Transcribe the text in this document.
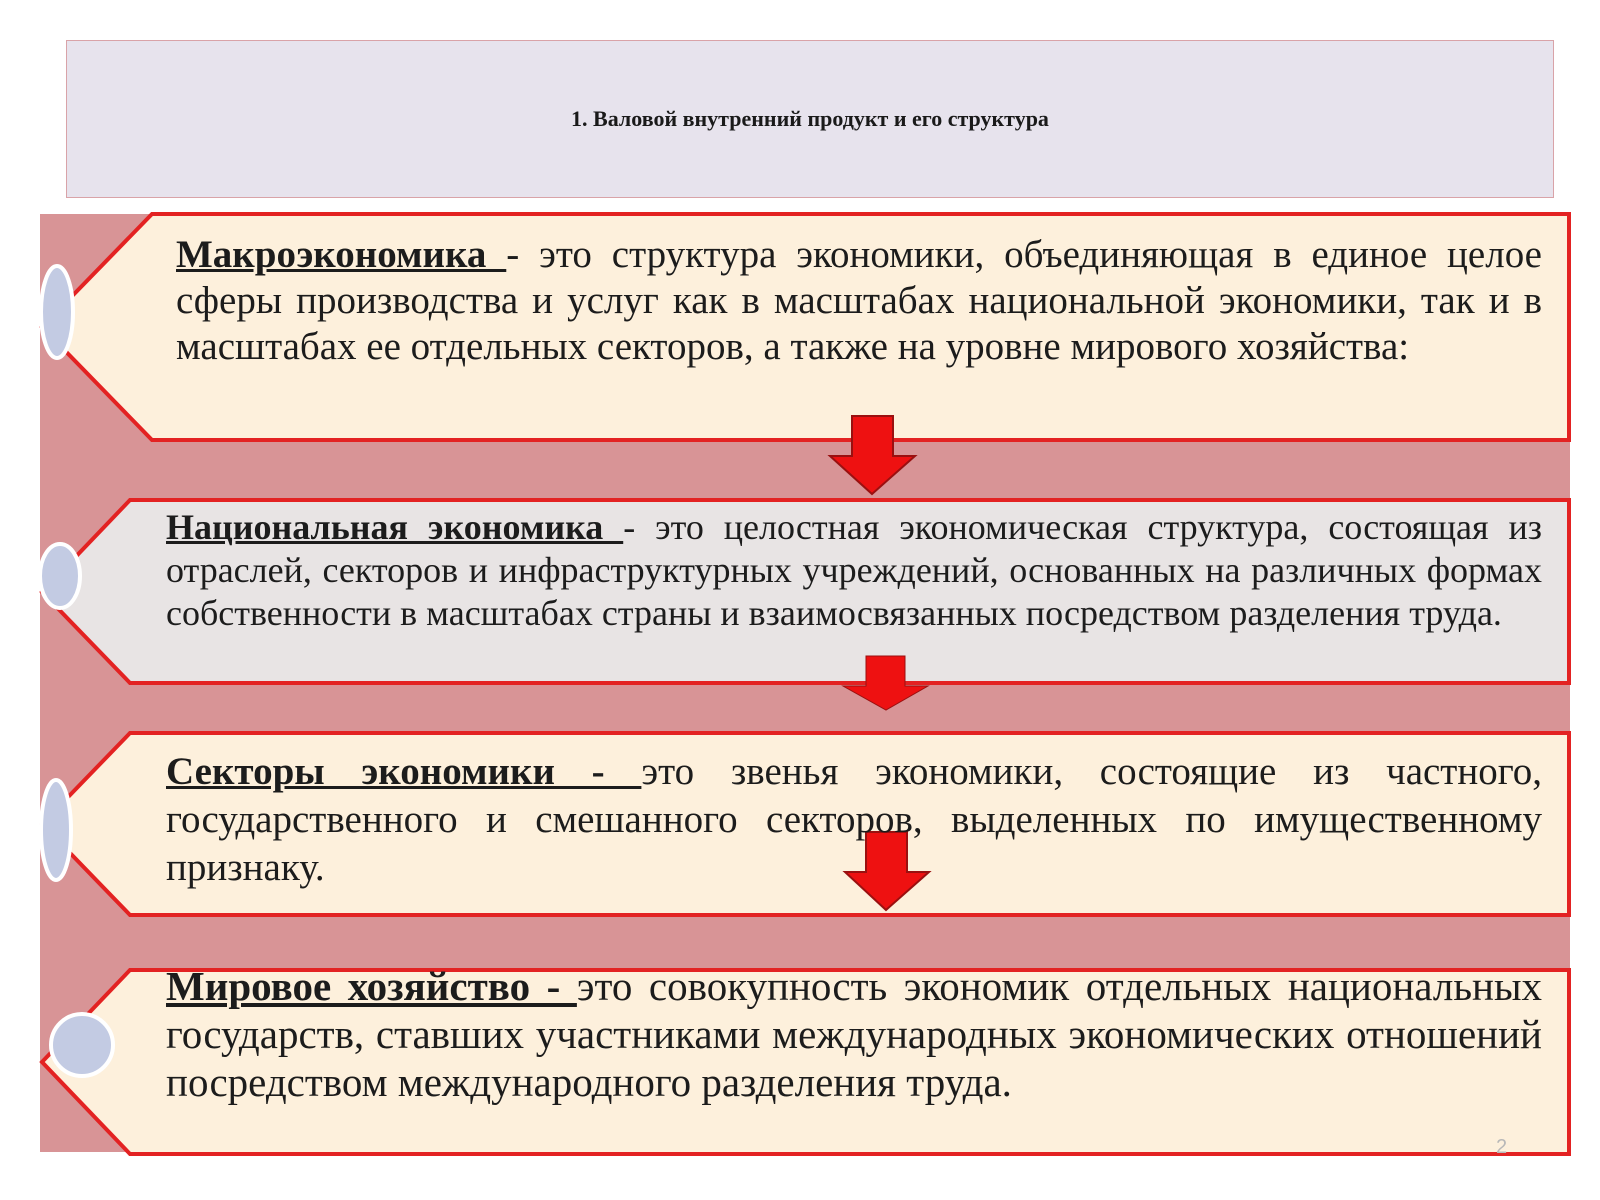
1. Валовой внутренний продукт и его структура
Макроэкономика - это структура экономики, объединяющая в единое целое сферы производства и услуг как в масштабах национальной экономики, так и в масштабах ее отдельных секторов, а также на уровне мирового хозяйства:
Национальная экономика - это целостная экономическая структура, состоящая из отраслей, секторов и инфраструктурных учреждений, основанных на различных формах собственности в масштабах страны и взаимосвязанных посредством разделения труда.
Секторы экономики - это звенья экономики, состоящие из частного, государственного и смешанного секторов, выделенных по имущественному признаку.
Мировое хозяйство - это совокупность экономик отдельных национальных государств, ставших участниками международных экономических отношений посредством международного разделения труда.
2
